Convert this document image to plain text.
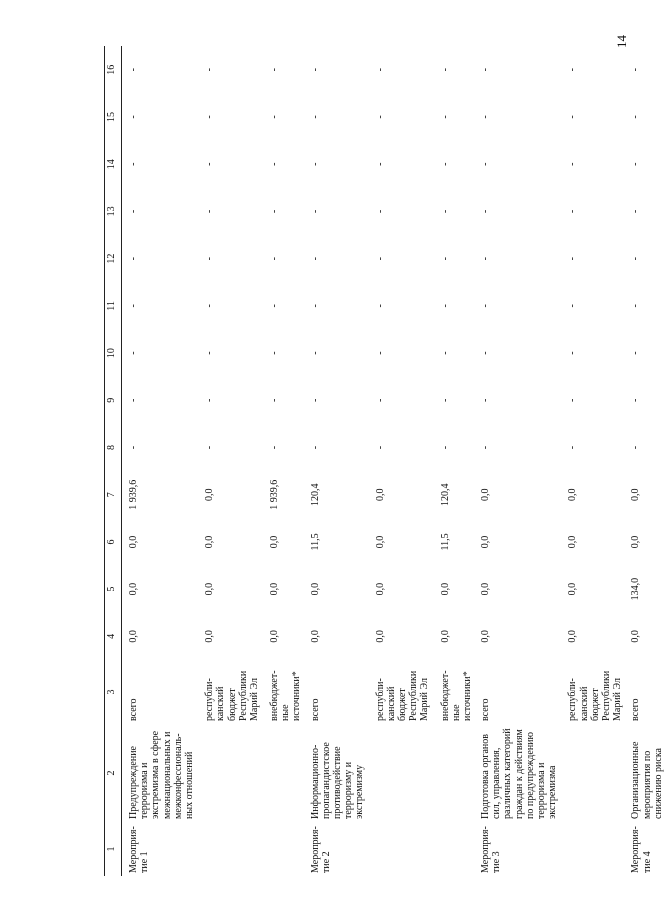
14
1	2	3	4	5	6	7	8	9	10	11	12	13	14	15	16
Мероприя- тие 1	Предупреждение терроризма и экстремизма в сфере межнациональных и межконфессиональ- ных отношений	всего	0,0	0,0	0,0	1 939,6	-	-	-	-	-	-	-	-	-
		республи- канский бюджет Республики Марий Эл	0,0	0,0	0,0	0,0	-	-	-	-	-	-	-	-	-
		внебюджет- ные источники*	0,0	0,0	0,0	1 939,6	-	-	-	-	-	-	-	-	-
Мероприя- тие 2	Информационно- пропагандистское противодействие терроризму и экстремизму	всего	0,0	0,0	11,5	120,4	-	-	-	-	-	-	-	-	-
		республи- канский бюджет Республики Марий Эл	0,0	0,0	0,0	0,0	-	-	-	-	-	-	-	-	-
		внебюджет- ные источники*	0,0	0,0	11,5	120,4	-	-	-	-	-	-	-	-	-
Мероприя- тие 3	Подготовка органов сил, управления, различных категорий граждан к действиям по предупреждению терроризма и экстремизма	всего	0,0	0,0	0,0	0,0	-	-	-	-	-	-	-	-	-
		республи- канский бюджет Республики Марий Эл	0,0	0,0	0,0	0,0	-	-	-	-	-	-	-	-	-
Мероприя- тие 4	Организационные мероприятия по снижению риска	всего	0,0	134,0	0,0	0,0	-	-	-	-	-	-	-	-	-
